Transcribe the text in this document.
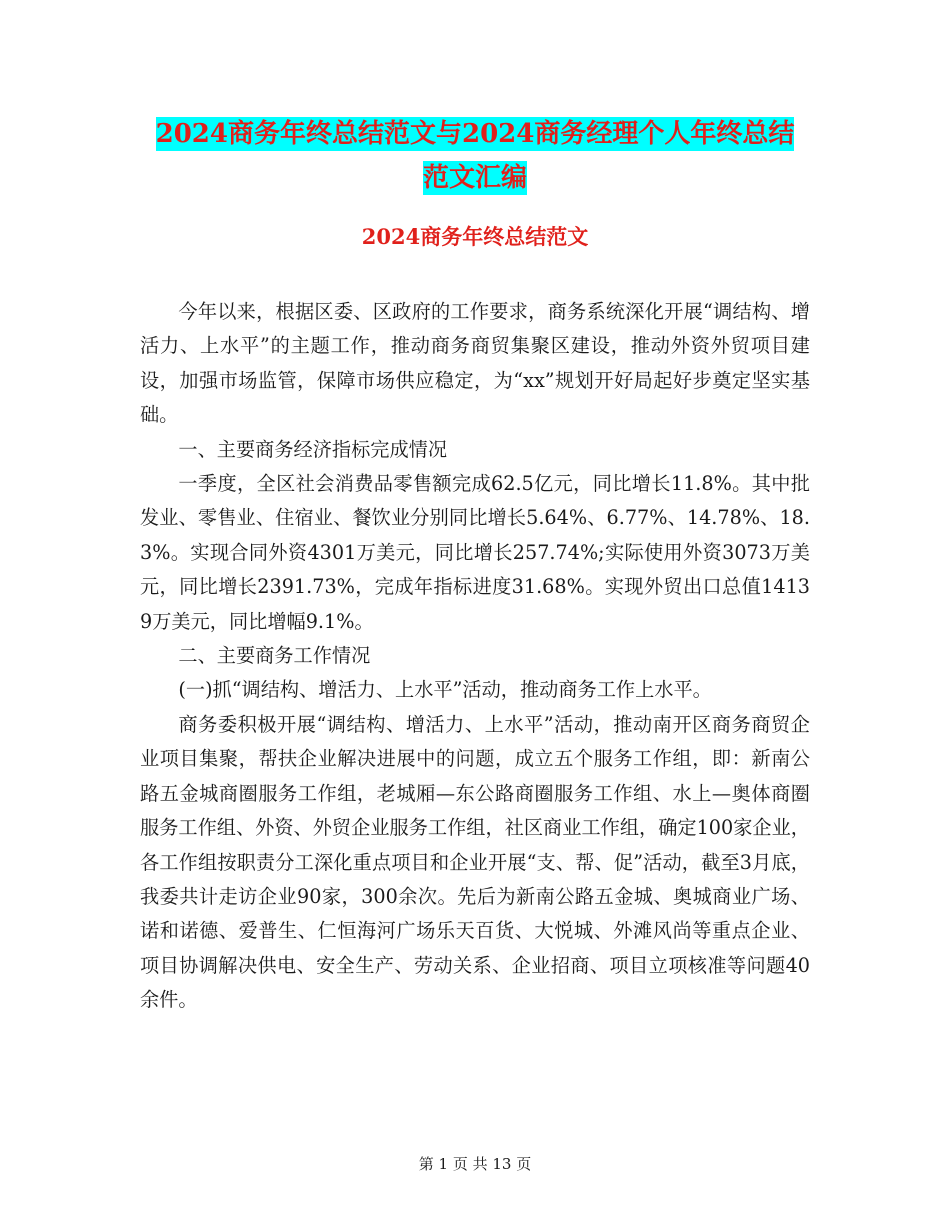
2024商务年终总结范文与2024商务经理个人年终总结
范文汇编
2024商务年终总结范文

今年以来，根据区委、区政府的工作要求，商务系统深化开展“调结构、增活力、上水平”的主题工作，推动商务商贸集聚区建设，推动外资外贸项目建设，加强市场监管，保障市场供应稳定，为“xx”规划开好局起好步奠定坚实基础。

一、主要商务经济指标完成情况

一季度，全区社会消费品零售额完成62.5亿元，同比增长11.8%。其中批发业、零售业、住宿业、餐饮业分别同比增长5.64%、6.77%、14.78%、18.3%。实现合同外资4301万美元，同比增长257.74%;实际使用外资3073万美元，同比增长2391.73%，完成年指标进度31.68%。实现外贸出口总值14139万美元，同比增幅9.1%。

二、主要商务工作情况

(一)抓“调结构、增活力、上水平”活动，推动商务工作上水平。

商务委积极开展“调结构、增活力、上水平”活动，推动南开区商务商贸企业项目集聚，帮扶企业解决进展中的问题，成立五个服务工作组，即：新南公路五金城商圈服务工作组，老城厢—东公路商圈服务工作组、水上—奥体商圈服务工作组、外资、外贸企业服务工作组，社区商业工作组，确定100家企业，各工作组按职责分工深化重点项目和企业开展“支、帮、促”活动，截至3月底，我委共计走访企业90家，300余次。先后为新南公路五金城、奥城商业广场、诺和诺德、爱普生、仁恒海河广场乐天百货、大悦城、外滩风尚等重点企业、项目协调解决供电、安全生产、劳动关系、企业招商、项目立项核准等问题40余件。

第 1 页 共 13 页
